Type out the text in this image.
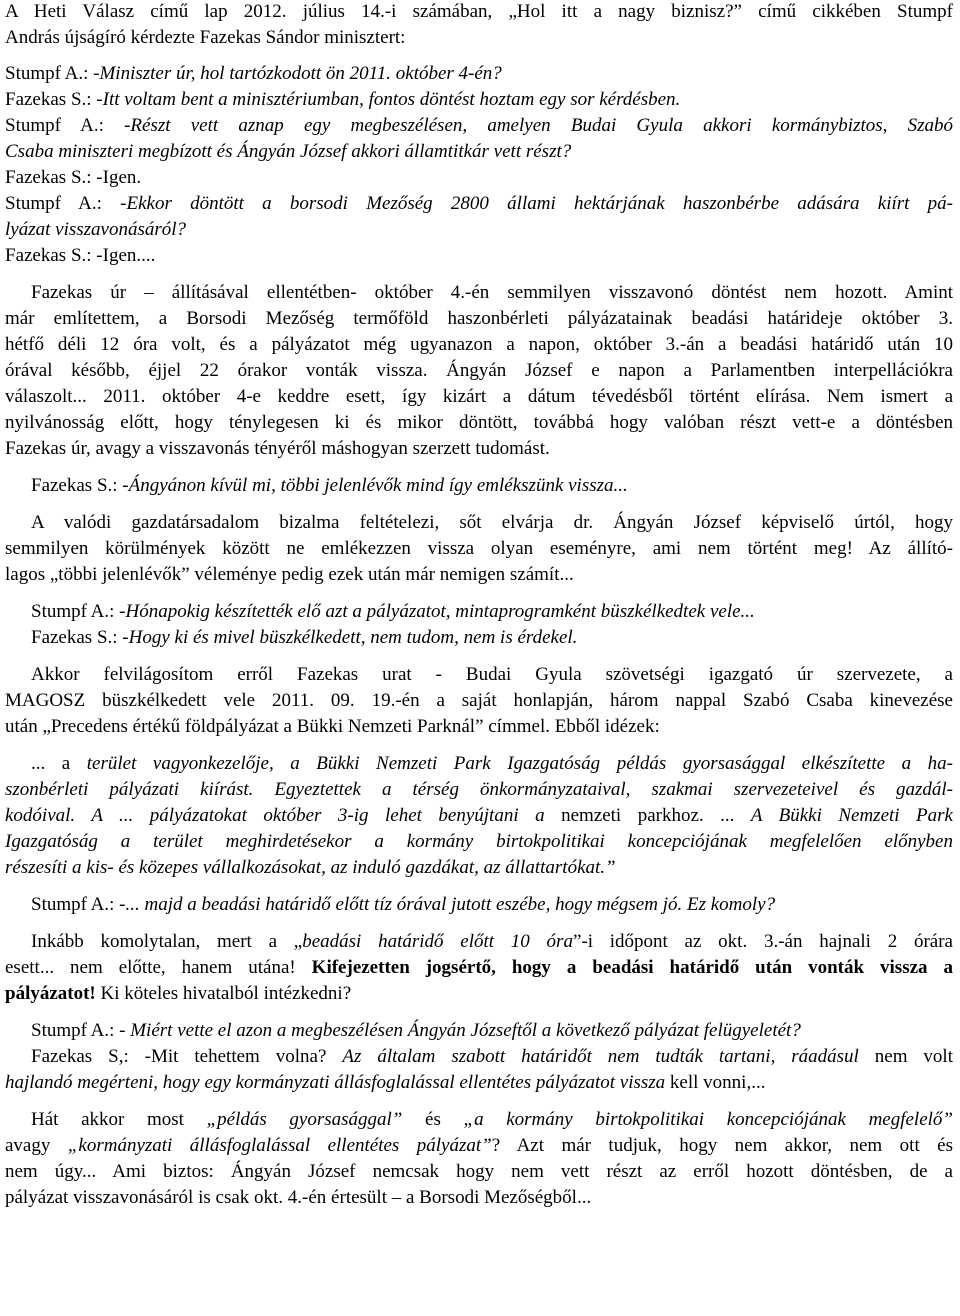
A Heti Válasz című lap 2012. július 14.-i számában, „Hol itt a nagy biznisz?” című cikkében Stumpf
András újságíró kérdezte Fazekas Sándor minisztert:
Stumpf A.: -Miniszter úr, hol tartózkodott ön 2011. október 4-én?
Fazekas S.: -Itt voltam bent a minisztériumban, fontos döntést hoztam egy sor kérdésben.
Stumpf A.: -Részt vett aznap egy megbeszélésen, amelyen Budai Gyula akkori kormánybiztos, Szabó
Csaba miniszteri megbízott és Ángyán József akkori államtitkár vett részt?
Fazekas S.: -Igen.
Stumpf A.: -Ekkor döntött a borsodi Mezőség 2800 állami hektárjának haszonbérbe adására kiírt pá-
lyázat visszavonásáról?
Fazekas S.: -Igen....
Fazekas úr – állításával ellentétben- október 4.-én semmilyen visszavonó döntést nem hozott. Amint
már említettem, a Borsodi Mezőség termőföld haszonbérleti pályázatainak beadási határideje október 3.
hétfő déli 12 óra volt, és a pályázatot még ugyanazon a napon, október 3.-án a beadási határidő után 10
órával később, éjjel 22 órakor vonták vissza. Ángyán József e napon a Parlamentben interpellációkra
válaszolt... 2011. október 4-e keddre esett, így kizárt a dátum tévedésből történt elírása. Nem ismert a
nyilvánosság előtt, hogy ténylegesen ki és mikor döntött, továbbá hogy valóban részt vett-e a döntésben
Fazekas úr, avagy a visszavonás tényéről máshogyan szerzett tudomást.
Fazekas S.: -Ángyánon kívül mi, többi jelenlévők mind így emlékszünk vissza...
A valódi gazdatársadalom bizalma feltételezi, sőt elvárja dr. Ángyán József képviselő úrtól, hogy
semmilyen körülmények között ne emlékezzen vissza olyan eseményre, ami nem történt meg! Az állító-
lagos „többi jelenlévők” véleménye pedig ezek után már nemigen számít...
Stumpf A.: -Hónapokig készítették elő azt a pályázatot, mintaprogramként büszkélkedtek vele...
Fazekas S.: -Hogy ki és mivel büszkélkedett, nem tudom, nem is érdekel.
Akkor felvilágosítom erről Fazekas urat - Budai Gyula szövetségi igazgató úr szervezete, a
MAGOSZ büszkélkedett vele 2011. 09. 19.-én a saját honlapján, három nappal Szabó Csaba kinevezése
után „Precedens értékű földpályázat a Bükki Nemzeti Parknál” címmel. Ebből idézek:
... a terület vagyonkezelője, a Bükki Nemzeti Park Igazgatóság példás gyorsasággal elkészítette a ha-
szonbérleti pályázati kiírást. Egyeztettek a térség önkormányzataival, szakmai szervezeteivel és gazdál-
kodóival. A ... pályázatokat október 3-ig lehet benyújtani a nemzeti parkhoz. ... A Bükki Nemzeti Park
Igazgatóság a terület meghirdetésekor a kormány birtokpolitikai koncepciójának megfelelően előnyben
részesíti a kis- és közepes vállalkozásokat, az induló gazdákat, az állattartókat.”
Stumpf A.: -... majd a beadási határidő előtt tíz órával jutott eszébe, hogy mégsem jó. Ez komoly?
Inkább komolytalan, mert a „beadási határidő előtt 10 óra”-i időpont az okt. 3.-án hajnali 2 órára
esett... nem előtte, hanem utána! Kifejezetten jogsértő, hogy a beadási határidő után vonták vissza a
pályázatot! Ki köteles hivatalból intézkedni?
Stumpf A.: - Miért vette el azon a megbeszélésen Ángyán Józseftől a következő pályázat felügyeletét?
Fazekas S,: -Mit tehettem volna? Az általam szabott határidőt nem tudták tartani, ráadásul nem volt
hajlandó megérteni, hogy egy kormányzati állásfoglalással ellentétes pályázatot vissza kell vonni,...
Hát akkor most „példás gyorsasággal” és „a kormány birtokpolitikai koncepciójának megfelelő”
avagy „kormányzati állásfoglalással ellentétes pályázat”? Azt már tudjuk, hogy nem akkor, nem ott és
nem úgy... Ami biztos: Ángyán József nemcsak hogy nem vett részt az erről hozott döntésben, de a
pályázat visszavonásáról is csak okt. 4.-én értesült – a Borsodi Mezőségből...
